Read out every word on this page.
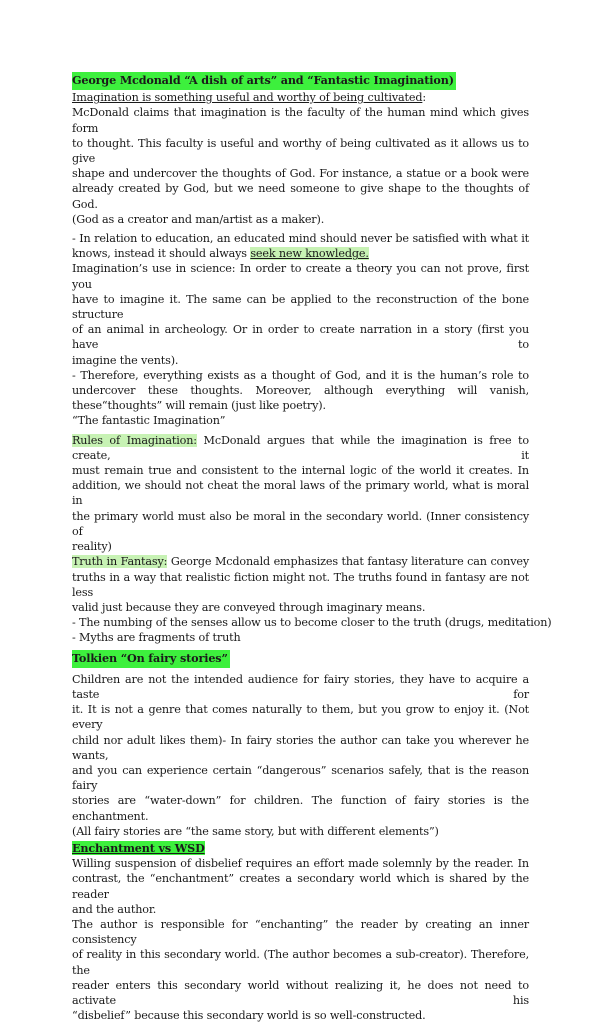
George Mcdonald “A dish of arts” and “Fantastic Imagination)
Imagination is something useful and worthy of being cultivated:
McDonald claims that imagination is the faculty of the human mind which gives form
to thought. This faculty is useful and worthy of being cultivated as it allows us to give
shape and undercover the thoughts of God. For instance, a statue or a book were
already created by God, but we need someone to give shape to the thoughts of God.
(God as a creator and man/artist as a maker).
- In relation to education, an educated mind should never be satisfied with what it
knows, instead it should always seek new knowledge.
Imagination’s use in science: In order to create a theory you can not prove, first you
have to imagine it. The same can be applied to the reconstruction of the bone structure
of an animal in archeology. Or in order to create narration in a story (first you have to
imagine the vents).
- Therefore, everything exists as a thought of God, and it is the human’s role to
undercover these thoughts. Moreover, although everything will vanish,
these“thoughts” will remain (just like poetry).
“The fantastic Imagination”
Rules of Imagination: McDonald argues that while the imagination is free to create, it
must remain true and consistent to the internal logic of the world it creates. In
addition, we should not cheat the moral laws of the primary world, what is moral in
the primary world must also be moral in the secondary world. (Inner consistency of
reality)
Truth in Fantasy: George Mcdonald emphasizes that fantasy literature can convey
truths in a way that realistic fiction might not. The truths found in fantasy are not less
valid just because they are conveyed through imaginary means.
- The numbing of the senses allow us to become closer to the truth (drugs, meditation)
- Myths are fragments of truth
Tolkien “On fairy stories”
Children are not the intended audience for fairy stories, they have to acquire a taste for
it. It is not a genre that comes naturally to them, but you grow to enjoy it. (Not every
child nor adult likes them)- In fairy stories the author can take you wherever he wants,
and you can experience certain “dangerous” scenarios safely, that is the reason fairy
stories are “water-down” for children. The function of fairy stories is the enchantment.
(All fairy stories are “the same story, but with different elements”)
Enchantment vs WSD
Willing suspension of disbelief requires an effort made solemnly by the reader. In
contrast, the “enchantment” creates a secondary world which is shared by the reader
and the author.
The author is responsible for “enchanting” the reader by creating an inner consistency
of reality in this secondary world. (The author becomes a sub-creator). Therefore, the
reader enters this secondary world without realizing it, he does not need to activate his
“disbelief” because this secondary world is so well-constructed.
